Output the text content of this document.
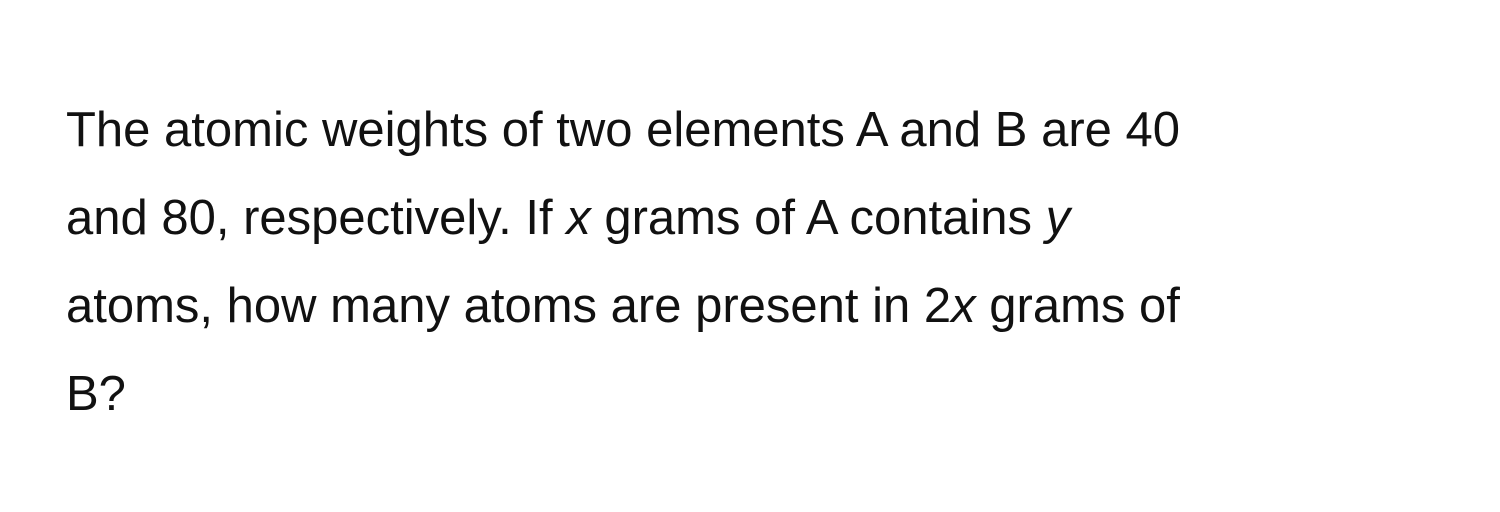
The atomic weights of two elements A and B are 40
and 80, respectively. If x grams of A contains y
atoms, how many atoms are present in 2x grams of
B?
